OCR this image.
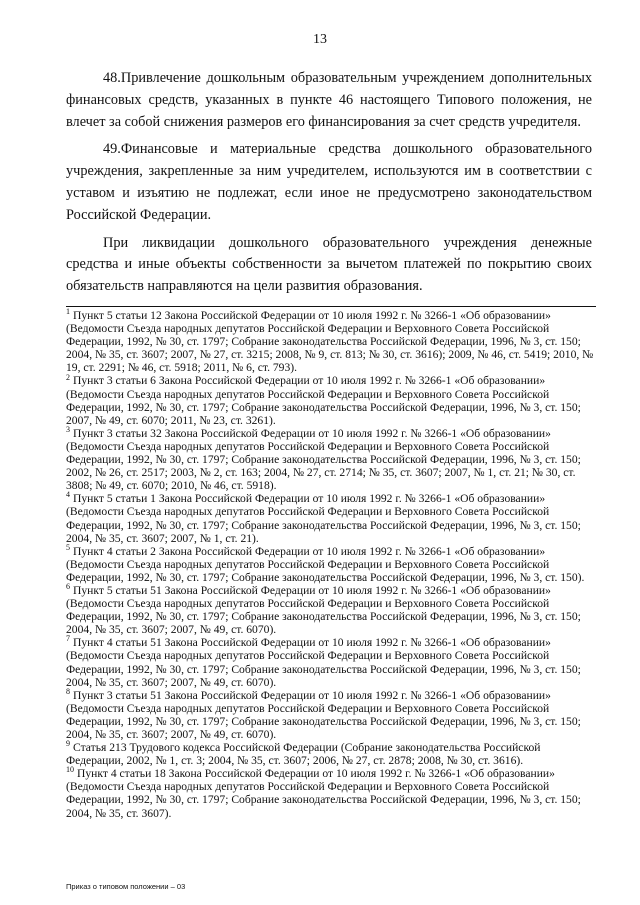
13

48.Привлечение дошкольным образовательным учреждением дополнительных финансовых средств, указанных в пункте 46 настоящего Типового положения, не влечет за собой снижения размеров его финансирования за счет средств учредителя.

49.Финансовые и материальные средства дошкольного образовательного учреждения, закрепленные за ним учредителем, используются им в соответствии с уставом и изъятию не подлежат, если иное не предусмотрено законодательством Российской Федерации.

При ликвидации дошкольного образовательного учреждения денежные средства и иные объекты собственности за вычетом платежей по покрытию своих обязательств направляются на цели развития образования.

$^1$ Пункт 5 статьи 12 Закона Российской Федерации от 10 июля 1992 г. № 3266-1 «Об образовании» (Ведомости Съезда народных депутатов Российской Федерации и Верховного Совета Российской Федерации, 1992, № 30, ст. 1797; Собрание законодательства Российской Федерации, 1996, № 3, ст. 150; 2004, № 35, ст. 3607; 2007, № 27, ст. 3215; 2008, № 9, ст. 813; № 30, ст. 3616); 2009, № 46, ст. 5419; 2010, № 19, ст. 2291; № 46, ст. 5918; 2011, № 6, ст. 793).

$^2$ Пункт 3 статьи 6 Закона Российской Федерации от 10 июля 1992 г. № 3266-1 «Об образовании» (Ведомости Съезда народных депутатов Российской Федерации и Верховного Совета Российской Федерации, 1992, № 30, ст. 1797; Собрание законодательства Российской Федерации, 1996, № 3, ст. 150; 2007, № 49, ст. 6070; 2011, № 23, ст. 3261).

$^3$ Пункт 3 статьи 32 Закона Российской Федерации от 10 июля 1992 г. № 3266-1 «Об образовании» (Ведомости Съезда народных депутатов Российской Федерации и Верховного Совета Российской Федерации, 1992, № 30, ст. 1797; Собрание законодательства Российской Федерации, 1996, № 3, ст. 150; 2002, № 26, ст. 2517; 2003, № 2, ст. 163; 2004, № 27, ст. 2714; № 35, ст. 3607; 2007, № 1, ст. 21; № 30, ст. 3808; № 49, ст. 6070; 2010, № 46, ст. 5918).

$^4$ Пункт 5 статьи 1 Закона Российской Федерации от 10 июля 1992 г. № 3266-1 «Об образовании» (Ведомости Съезда народных депутатов Российской Федерации и Верховного Совета Российской Федерации, 1992, № 30, ст. 1797; Собрание законодательства Российской Федерации, 1996, № 3, ст. 150; 2004, № 35, ст. 3607; 2007, № 1, ст. 21).

$^5$ Пункт 4 статьи 2 Закона Российской Федерации от 10 июля 1992 г. № 3266-1 «Об образовании» (Ведомости Съезда народных депутатов Российской Федерации и Верховного Совета Российской Федерации, 1992, № 30, ст. 1797; Собрание законодательства Российской Федерации, 1996, № 3, ст. 150).

$^6$ Пункт 5 статьи 51 Закона Российской Федерации от 10 июля 1992 г. № 3266-1 «Об образовании» (Ведомости Съезда народных депутатов Российской Федерации и Верховного Совета Российской Федерации, 1992, № 30, ст. 1797; Собрание законодательства Российской Федерации, 1996, № 3, ст. 150; 2004, № 35, ст. 3607; 2007, № 49, ст. 6070).

$^7$ Пункт 4 статьи 51 Закона Российской Федерации от 10 июля 1992 г. № 3266-1 «Об образовании» (Ведомости Съезда народных депутатов Российской Федерации и Верховного Совета Российской Федерации, 1992, № 30, ст. 1797; Собрание законодательства Российской Федерации, 1996, № 3, ст. 150; 2004, № 35, ст. 3607; 2007, № 49, ст. 6070).

$^8$ Пункт 3 статьи 51 Закона Российской Федерации от 10 июля 1992 г. № 3266-1 «Об образовании» (Ведомости Съезда народных депутатов Российской Федерации и Верховного Совета Российской Федерации, 1992, № 30, ст. 1797; Собрание законодательства Российской Федерации, 1996, № 3, ст. 150; 2004, № 35, ст. 3607; 2007, № 49, ст. 6070).

$^9$ Статья 213 Трудового кодекса Российской Федерации (Собрание законодательства Российской Федерации, 2002, № 1, ст. 3; 2004, № 35, ст. 3607; 2006, № 27, ст. 2878; 2008, № 30, ст. 3616).

$^{10}$ Пункт 4 статьи 18 Закона Российской Федерации от 10 июля 1992 г. № 3266-1 «Об образовании» (Ведомости Съезда народных депутатов Российской Федерации и Верховного Совета Российской Федерации, 1992, № 30, ст. 1797; Собрание законодательства Российской Федерации, 1996, № 3, ст. 150; 2004, № 35, ст. 3607).

Приказ о типовом положении – 03
